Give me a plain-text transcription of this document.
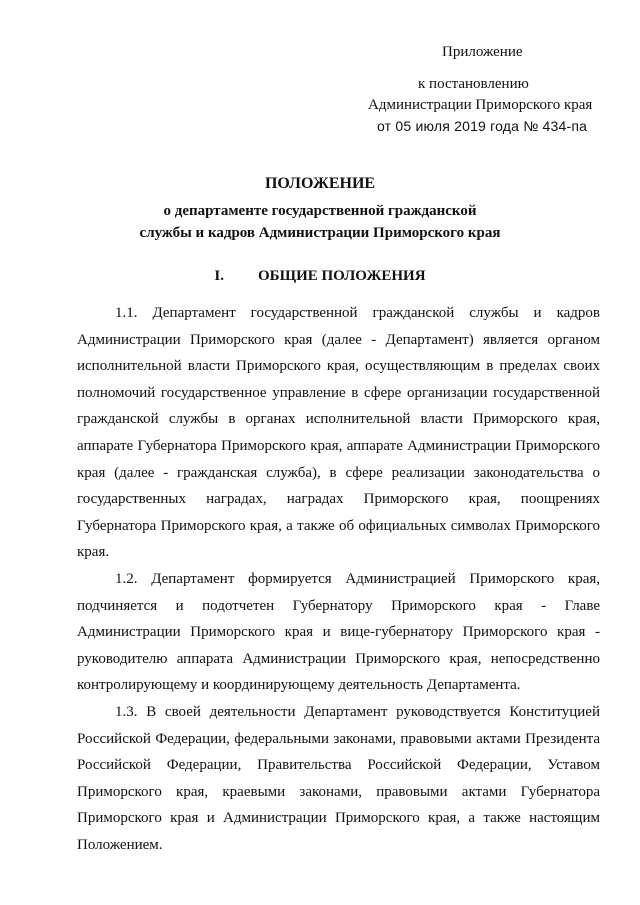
Приложение
к постановлению
Администрации Приморского края
от 05 июля 2019 года № 434-па
ПОЛОЖЕНИЕ
о департаменте государственной гражданской
службы и кадров Администрации Приморского края
I. ОБЩИЕ ПОЛОЖЕНИЯ

1.1. Департамент государственной гражданской службы и кадров Администрации Приморского края (далее - Департамент) является органом исполнительной власти Приморского края, осуществляющим в пределах своих полномочий государственное управление в сфере организации государственной гражданской службы в органах исполнительной власти Приморского края, аппарате Губернатора Приморского края, аппарате Администрации Приморского края (далее - гражданская служба), в сфере реализации законодательства о государственных наградах, наградах Приморского края, поощрениях Губернатора Приморского края, а также об официальных символах Приморского края.

1.2. Департамент формируется Администрацией Приморского края, подчиняется и подотчетен Губернатору Приморского края - Главе Администрации Приморского края и вице-губернатору Приморского края - руководителю аппарата Администрации Приморского края, непосредственно контролирующему и координирующему деятельность Департамента.

1.3. В своей деятельности Департамент руководствуется Конституцией Российской Федерации, федеральными законами, правовыми актами Президента Российской Федерации, Правительства Российской Федерации, Уставом Приморского края, краевыми законами, правовыми актами Губернатора Приморского края и Администрации Приморского края, а также настоящим Положением.
